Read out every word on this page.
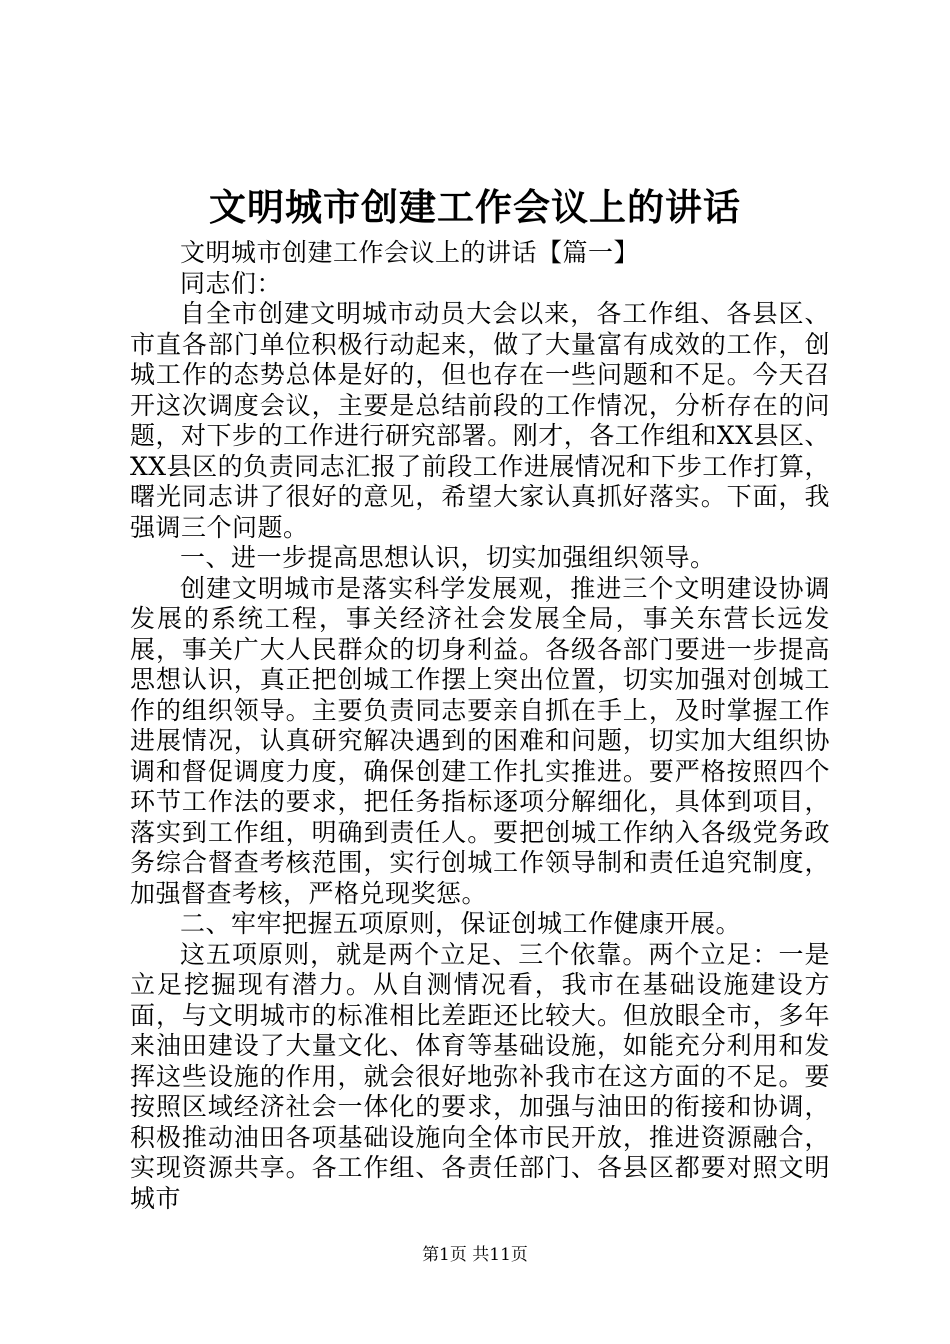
文明城市创建工作会议上的讲话

文明城市创建工作会议上的讲话【篇一】

同志们：

自全市创建文明城市动员大会以来，各工作组、各县区、市直各部门单位积极行动起来，做了大量富有成效的工作，创城工作的态势总体是好的，但也存在一些问题和不足。今天召开这次调度会议，主要是总结前段的工作情况，分析存在的问题，对下步的工作进行研究部署。刚才，各工作组和XX县区、XX县区的负责同志汇报了前段工作进展情况和下步工作打算，曙光同志讲了很好的意见，希望大家认真抓好落实。下面，我强调三个问题。

一、进一步提高思想认识，切实加强组织领导。

创建文明城市是落实科学发展观，推进三个文明建设协调发展的系统工程，事关经济社会发展全局，事关东营长远发展，事关广大人民群众的切身利益。各级各部门要进一步提高思想认识，真正把创城工作摆上突出位置，切实加强对创城工作的组织领导。主要负责同志要亲自抓在手上，及时掌握工作进展情况，认真研究解决遇到的困难和问题，切实加大组织协调和督促调度力度，确保创建工作扎实推进。要严格按照四个环节工作法的要求，把任务指标逐项分解细化，具体到项目，落实到工作组，明确到责任人。要把创城工作纳入各级党务政务综合督查考核范围，实行创城工作领导制和责任追究制度，加强督查考核，严格兑现奖惩。

二、牢牢把握五项原则，保证创城工作健康开展。

这五项原则，就是两个立足、三个依靠。两个立足：一是立足挖掘现有潜力。从自测情况看，我市在基础设施建设方面，与文明城市的标准相比差距还比较大。但放眼全市，多年来油田建设了大量文化、体育等基础设施，如能充分利用和发挥这些设施的作用，就会很好地弥补我市在这方面的不足。要按照区域经济社会一体化的要求，加强与油田的衔接和协调，积极推动油田各项基础设施向全体市民开放，推进资源融合，实现资源共享。各工作组、各责任部门、各县区都要对照文明城市

第1页 共11页
